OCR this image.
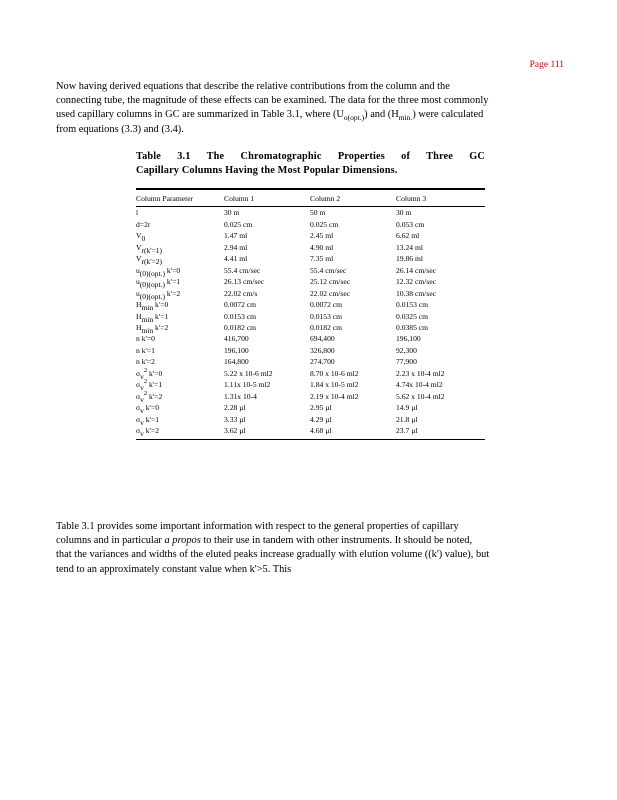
Page 111

Now having derived equations that describe the relative contributions from the column and the
connecting tube, the magnitude of these effects can be examined. The data for the three most commonly
used capillary columns in GC are summarized in Table 3.1, where $(U_{o(opt.)})$ and $(H_{min.})$ were calculated
from equations (3.3) and (3.4).

Table 3.1 The Chromatographic Properties of Three GC
Capillary Columns Having the Most Popular Dimensions.
Column Parameter	Column 1	Column 2	Column 3
l	30 m	50 m	30 m
d=2r	0.025 cm	0.025 cm	0.053 cm
$V_0$	1.47 ml	2.45 ml	6.62 ml
$V_{r(k'=1)}$	2.94 ml	4.90 ml	13.24 ml
$V_{r(k'=2)}$	4.41 ml	7.35 ml	19.86 ml
$u_{(0)(opt.)}$ k'=0	55.4 cm/sec	55.4 cm/sec	26.14 cm/sec
$u_{(0)(opt.)}$ k'=1	26.13 cm/sec	25.12 cm/sec	12.32 cm/sec
$u_{(0)(opt.)}$ k'=2	22.02 cm/s	22.02 cm/sec	10.38 cm/sec
$H_{min}$ k'=0	0.0072 cm	0.0072 cm	0.0153 cm
$H_{min}$ k'=1	0.0153 cm	0.0153 cm	0.0325 cm
$H_{min}$ k'=2	0.0182 cm	0.0182 cm	0.0385 cm
n k'=0	416,700	694,400	196,100
n k'=1	196,100	326,800	92,300
n k'=2	164,800	274,700	77,900
$\sigma_v^2$ k'=0	5.22 x 10-6 ml2	8.70 x 10-6 ml2	2.23 x 10-4 ml2
$\sigma_v^2$ k'=1	1.11x 10-5 ml2	1.84 x 10-5 ml2	4.74x 10-4 ml2
$\sigma_v^2$ k'=2	1.31x 10-4	2.19 x 10-4 ml2	5.62 x 10-4 ml2
$\sigma_v$ k'=0	2.28 µl	2.95 µl	14.9 µl
$\sigma_v$ k'=1	3.33 µl	4.29 µl	21.8 µl
$\sigma_v$ k'=2	3.62 µl	4.68 µl	23.7 µl

Table 3.1 provides some important information with respect to the general properties of capillary
columns and in particular a propos to their use in tandem with other instruments. It should be noted,
that the variances and widths of the eluted peaks increase gradually with elution volume ((k') value), but
tend to an approximately constant value when k'>5. This
